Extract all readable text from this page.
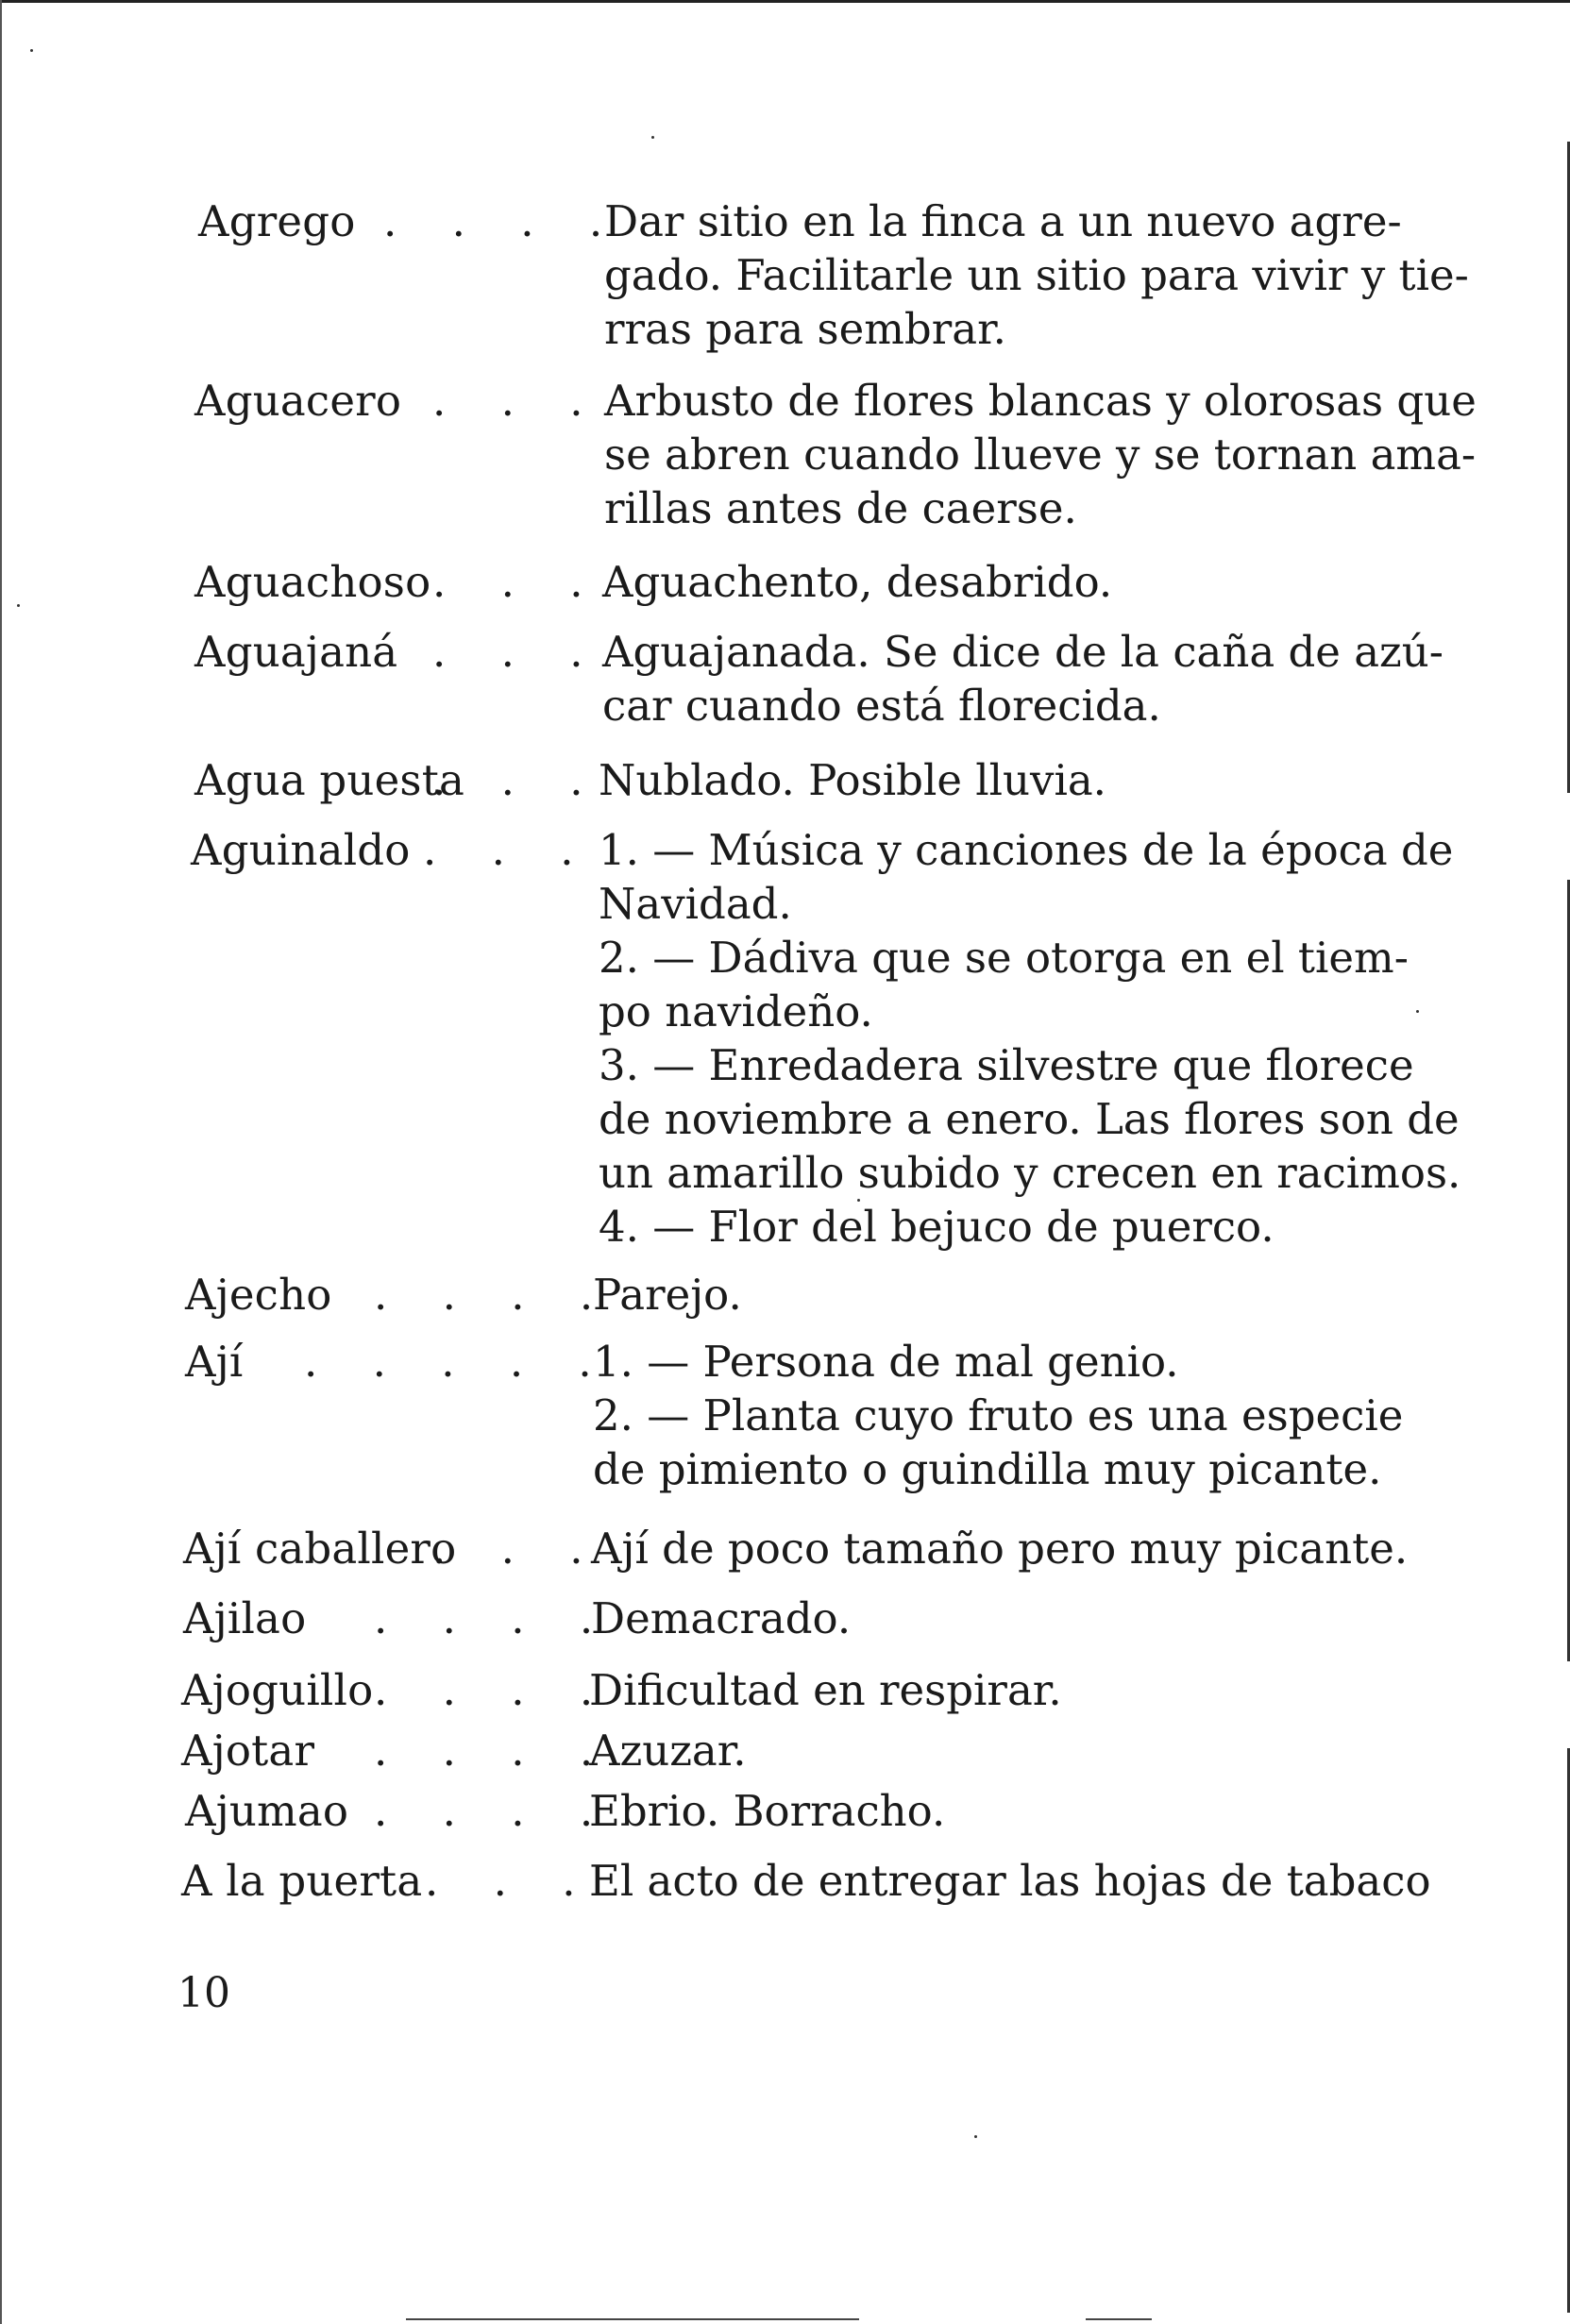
Agrego . . . .
Dar sitio en la finca a un nuevo agre-
gado. Facilitarle un sitio para vivir y tie-
rras para sembrar.
Aguacero . . . Arbusto de flores blancas y olorosas que
se abren cuando llueve y se tornan ama-
rillas antes de caerse.
Aguachoso . . .
Aguachento, desabrido.
Aguajaná . . .
Aguajanada. Se dice de la caña de azú-
car cuando está florecida.
Agua puesta
. . .
Nublado. Posible lluvia.
Aguinaldo . . . 1. — Música y canciones de la época de
Navidad.
2. — Dádiva que se otorga en el tiem-
po navideño.
3. — Enredadera silvestre que florece
de noviembre a enero. Las flores son de
un amarillo subido y crecen en racimos.
4. — Flor del bejuco de puerco.
Ajecho . . . .
Parejo.
Ají . . . . .
1. — Persona de mal genio.
2. — Planta cuyo fruto es una especie
de pimiento o guindilla muy picante.
Ají caballero
. . .
Ají de poco tamaño pero muy picante.
Ajilao . . . .
Demacrado.
Ajoguillo . . . .
Dificultad en respirar.
Ajotar . . . .
Azuzar.
Ajumao . . . .
Ebrio. Borracho.
A la puerta . . .
El acto de entregar las hojas de tabaco
10
